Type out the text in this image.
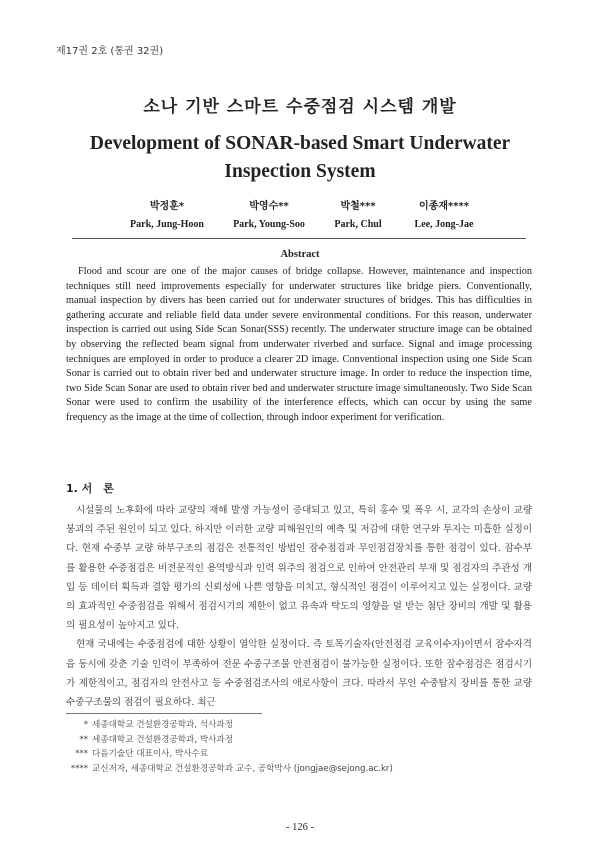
제17권 2호 (통권 32권)
소나 기반 스마트 수중점검 시스템 개발
Development of SONAR-based Smart Underwater Inspection System
박정훈*
Park, Jung-Hoon
박영수**
Park, Young-Soo
박철***
Park, Chul
이종재****
Lee, Jong-Jae
Abstract

Flood and scour are one of the major causes of bridge collapse. However, maintenance and inspection techniques still need improvements especially for underwater structures like bridge piers. Conventionally, manual inspection by divers has been carried out for underwater structures of bridges. This has difficulties in gathering accurate and reliable field data under severe environmental conditions. For this reason, underwater inspection is carried out using Side Scan Sonar(SSS) recently. The underwater structure image can be obtained by observing the reflected beam signal from underwater riverbed and surface. Signal and image processing techniques are employed in order to produce a clearer 2D image. Conventional inspection using one Side Scan Sonar is carried out to obtain river bed and underwater structure image. In order to reduce the inspection time, two Side Scan Sonar are used to obtain river bed and underwater structure image simultaneously. Two Side Scan Sonar were used to confirm the usability of the interference effects, which can occur by using the same frequency as the image at the time of collection, through indoor experiment for verification.

1. 서　론

시설물의 노후화에 따라 교량의 재해 발생 가능성이 증대되고 있고, 특히 홍수 및 폭우 시, 교각의 손상이 교량 붕괴의 주된 원인이 되고 있다. 하지만 이러한 교량 피해원인의 예측 및 저감에 대한 연구와 투자는 미흡한 실정이다. 현재 수중부 교량 하부구조의 점검은 전통적인 방법인 잠수점검과 무인점검장치를 통한 점검이 있다. 잠수부를 활용한 수중점검은 비전문적인 용역방식과 인력 위주의 점검으로 인하여 안전관리 부재 및 점검자의 주관성 개입 등 데이터 획득과 결함 평가의 신뢰성에 나쁜 영향을 미치고, 형식적인 점검이 이루어지고 있는 실정이다. 교량의 효과적인 수중점검을 위해서 점검시기의 제한이 없고 유속과 탁도의 영향을 덜 받는 첨단 장비의 개발 및 활용의 필요성이 높아지고 있다.

현재 국내에는 수중점검에 대한 상황이 열악한 실정이다. 즉 토목기술자(안전점검 교육이수자)이면서 잠수자격을 동시에 갖춘 기술 인력이 부족하여 전문 수중구조물 안전점검이 불가능한 실정이다. 또한 잠수점검은 점검시기가 제한적이고, 점검자의 안전사고 등 수중점검조사의 애로사항이 크다. 따라서 무인 수중탐지 장비를 통한 교량 수중구조물의 점검이 필요하다. 최근

* 세종대학교 건설환경공학과, 석사과정
** 세종대학교 건설환경공학과, 박사과정
*** 다음기술단 대표이사, 박사수료
**** 교신저자, 세종대학교 건설환경공학과 교수, 공학박사 (jongjae@sejong.ac.kr)
- 126 -
